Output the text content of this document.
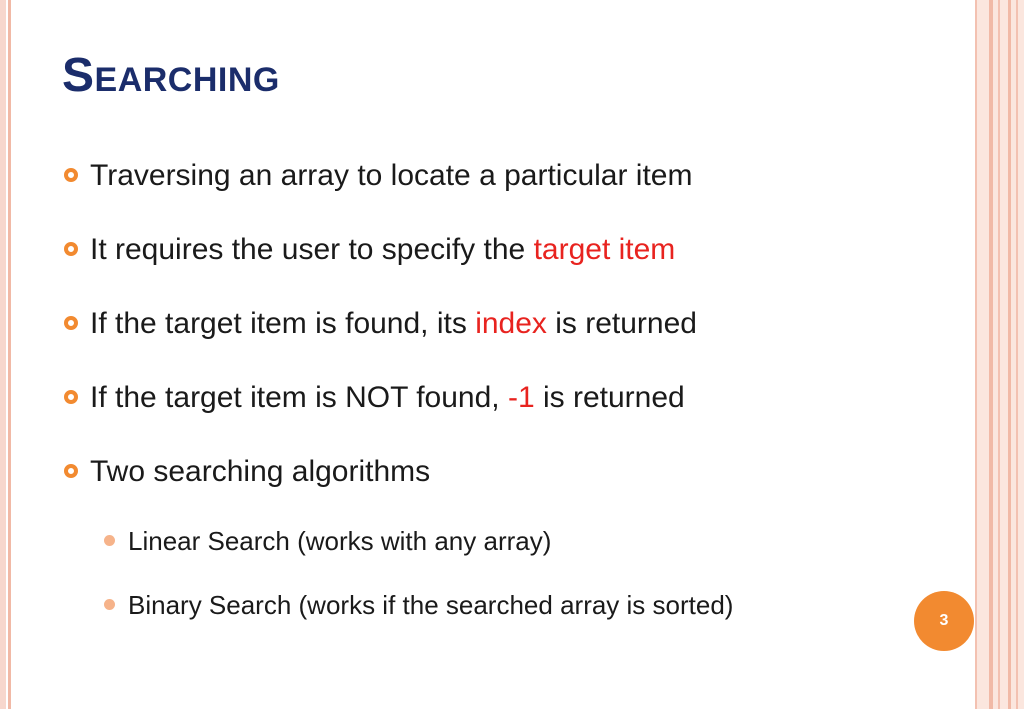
Searching
Traversing an array to locate a particular item
It requires the user to specify the target item
If the target item is found, its index is returned
If the target item is NOT found, -1 is returned
Two searching algorithms
Linear Search (works with any array)
Binary Search (works if the searched array is sorted)
3
